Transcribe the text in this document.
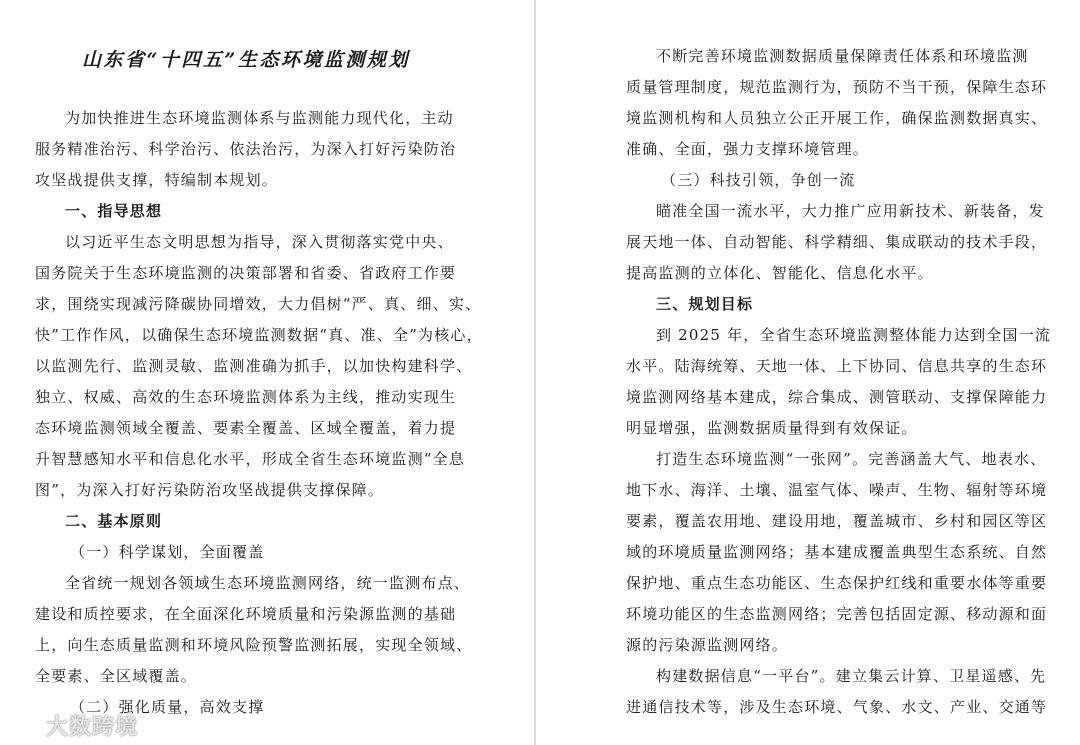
山东省“十四五”生态环境监测规划
为加快推进生态环境监测体系与监测能力现代化，主动
服务精准治污、科学治污、依法治污，为深入打好污染防治
攻坚战提供支撑，特编制本规划。
一、指导思想
以习近平生态文明思想为指导，深入贯彻落实党中央、
国务院关于生态环境监测的决策部署和省委、省政府工作要
求，围绕实现减污降碳协同增效，大力倡树“严、真、细、实、
快”工作作风，以确保生态环境监测数据“真、准、全”为核心，
以监测先行、监测灵敏、监测准确为抓手，以加快构建科学、
独立、权威、高效的生态环境监测体系为主线，推动实现生
态环境监测领域全覆盖、要素全覆盖、区域全覆盖，着力提
升智慧感知水平和信息化水平，形成全省生态环境监测“全息
图”，为深入打好污染防治攻坚战提供支撑保障。
二、基本原则
（一）科学谋划，全面覆盖
全省统一规划各领域生态环境监测网络，统一监测布点、
建设和质控要求，在全面深化环境质量和污染源监测的基础
上，向生态质量监测和环境风险预警监测拓展，实现全领域、
全要素、全区域覆盖。
（二）强化质量，高效支撑
大数跨境
不断完善环境监测数据质量保障责任体系和环境监测
质量管理制度，规范监测行为，预防不当干预，保障生态环
境监测机构和人员独立公正开展工作，确保监测数据真实、
准确、全面，强力支撑环境管理。
（三）科技引领，争创一流
瞄准全国一流水平，大力推广应用新技术、新装备，发
展天地一体、自动智能、科学精细、集成联动的技术手段，
提高监测的立体化、智能化、信息化水平。
三、规划目标
到 2025 年，全省生态环境监测整体能力达到全国一流
水平。陆海统筹、天地一体、上下协同、信息共享的生态环
境监测网络基本建成，综合集成、测管联动、支撑保障能力
明显增强，监测数据质量得到有效保证。
打造生态环境监测“一张网”。完善涵盖大气、地表水、
地下水、海洋、土壤、温室气体、噪声、生物、辐射等环境
要素，覆盖农用地、建设用地，覆盖城市、乡村和园区等区
域的环境质量监测网络；基本建成覆盖典型生态系统、自然
保护地、重点生态功能区、生态保护红线和重要水体等重要
环境功能区的生态监测网络；完善包括固定源、移动源和面
源的污染源监测网络。
构建数据信息“一平台”。建立集云计算、卫星遥感、先
进通信技术等，涉及生态环境、气象、水文、产业、交通等
